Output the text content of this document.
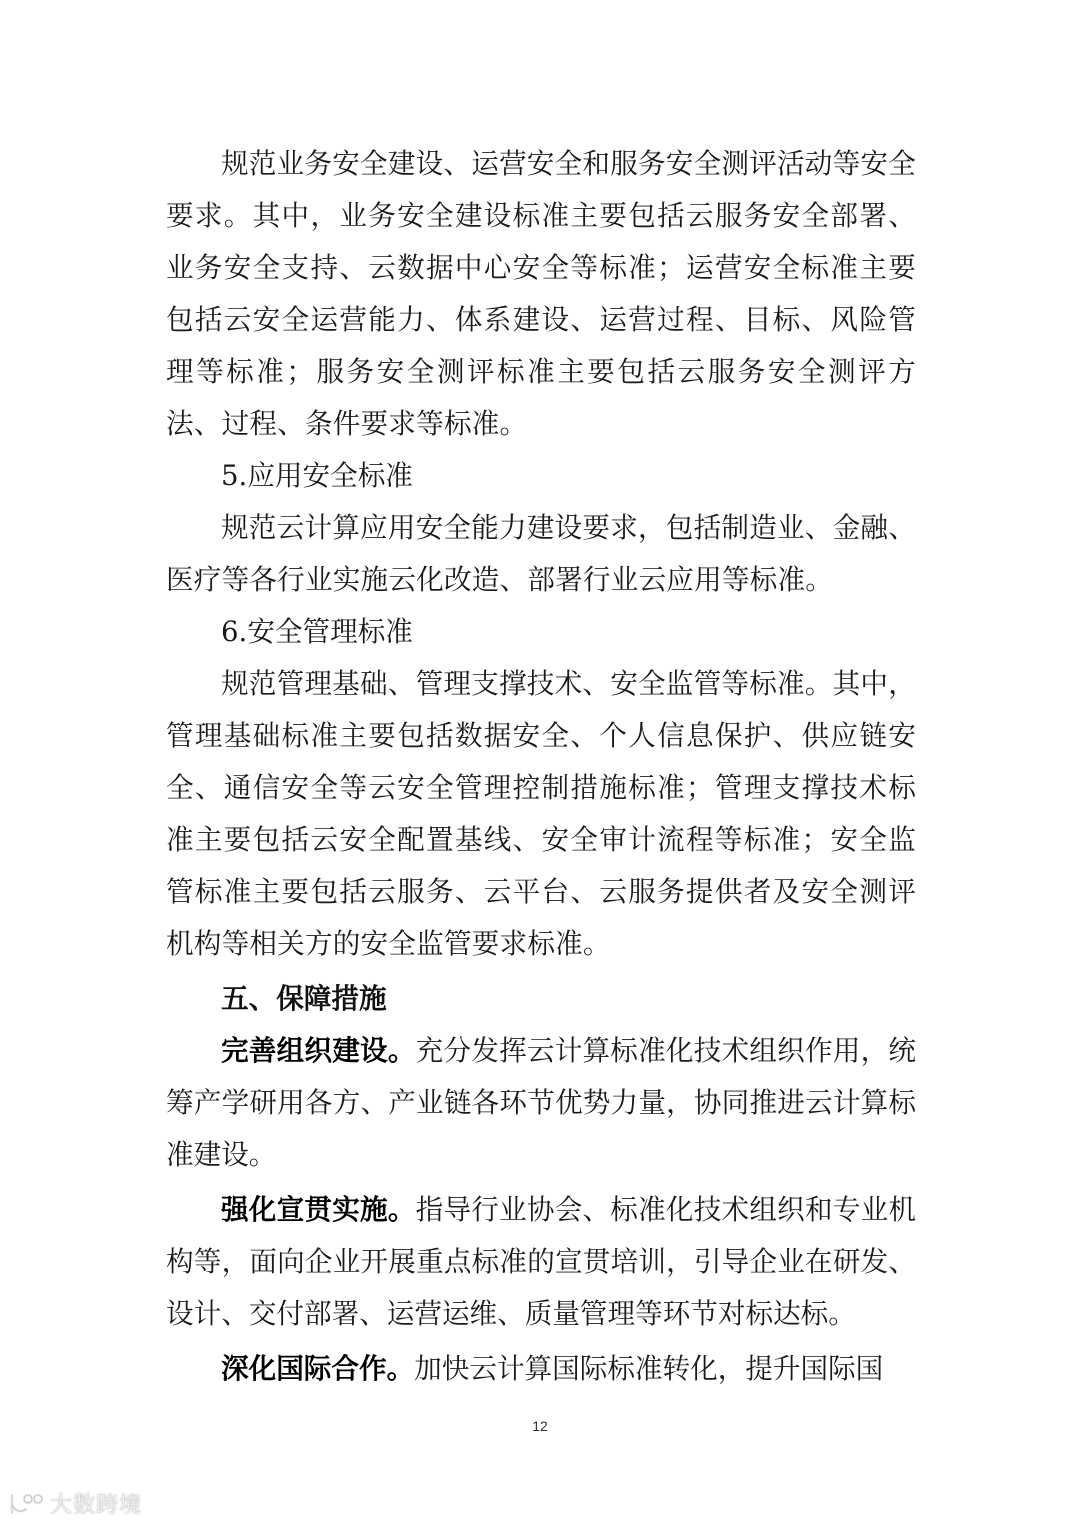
规范业务安全建设、运营安全和服务安全测评活动等安全要求。其中，业务安全建设标准主要包括云服务安全部署、业务安全支持、云数据中心安全等标准；运营安全标准主要包括云安全运营能力、体系建设、运营过程、目标、风险管理等标准；服务安全测评标准主要包括云服务安全测评方法、过程、条件要求等标准。

5.应用安全标准

规范云计算应用安全能力建设要求，包括制造业、金融、医疗等各行业实施云化改造、部署行业云应用等标准。

6.安全管理标准

规范管理基础、管理支撑技术、安全监管等标准。其中，管理基础标准主要包括数据安全、个人信息保护、供应链安全、通信安全等云安全管理控制措施标准；管理支撑技术标准主要包括云安全配置基线、安全审计流程等标准；安全监管标准主要包括云服务、云平台、云服务提供者及安全测评机构等相关方的安全监管要求标准。

五、保障措施

完善组织建设。充分发挥云计算标准化技术组织作用，统筹产学研用各方、产业链各环节优势力量，协同推进云计算标准建设。

强化宣贯实施。指导行业协会、标准化技术组织和专业机构等，面向企业开展重点标准的宣贯培训，引导企业在研发、设计、交付部署、运营运维、质量管理等环节对标达标。

深化国际合作。加快云计算国际标准转化，提升国际国

12
大数跨境
